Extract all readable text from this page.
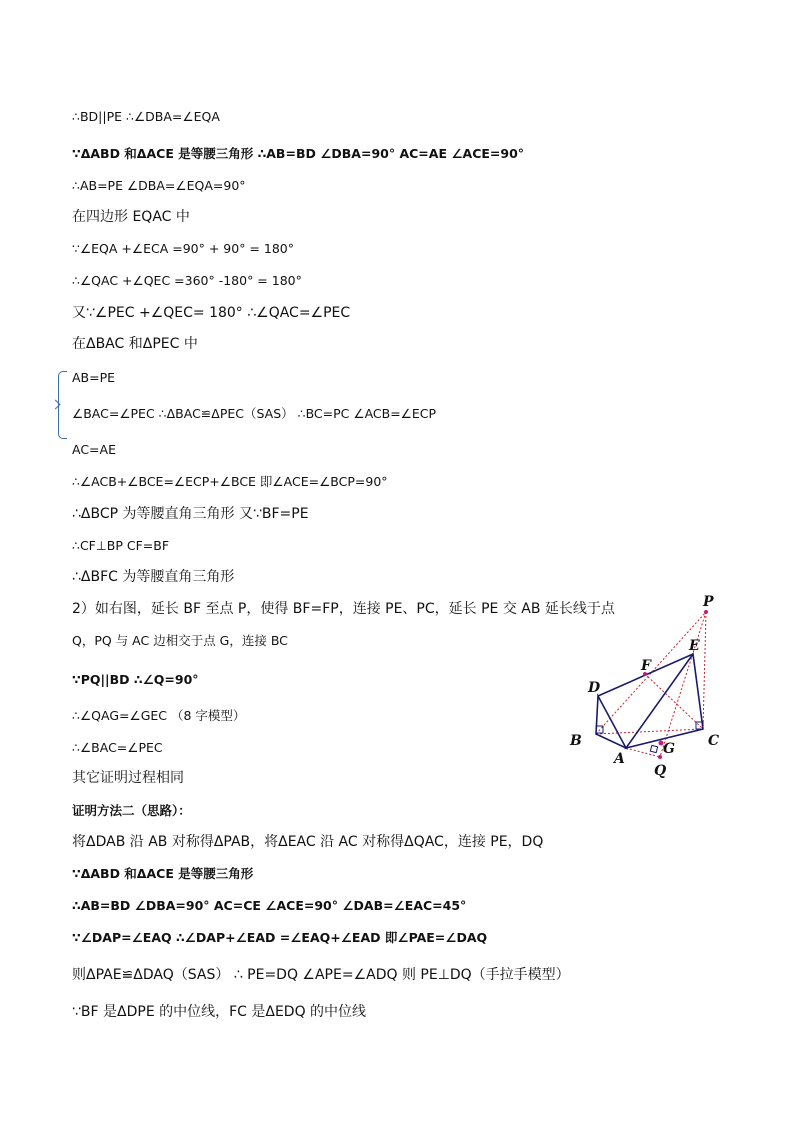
∴BD||PE ∴∠DBA=∠EQA
∵ΔABD 和ΔACE 是等腰三角形 ∴AB=BD ∠DBA=90° AC=AE ∠ACE=90°
∴AB=PE ∠DBA=∠EQA=90°
在四边形 EQAC 中
∵∠EQA +∠ECA =90° + 90° = 180°
∴∠QAC +∠QEC =360° -180° = 180°
又∵∠PEC +∠QEC= 180° ∴∠QAC=∠PEC
在ΔBAC 和ΔPEC 中
AB=PE
∠BAC=∠PEC ∴ΔBAC≌ΔPEC（SAS） ∴BC=PC ∠ACB=∠ECP
AC=AE
∴∠ACB+∠BCE=∠ECP+∠BCE 即∠ACE=∠BCP=90°
∴ΔBCP 为等腰直角三角形 又∵BF=PE
∴CF⊥BP CF=BF
∴ΔBFC 为等腰直角三角形
2）如右图，延长 BF 至点 P，使得 BF=FP，连接 PE、PC，延长 PE 交 AB 延长线于点
Q，PQ 与 AC 边相交于点 G，连接 BC
∵PQ||BD ∴∠Q=90°
∴∠QAG=∠GEC （8 字模型）
∴∠BAC=∠PEC
其它证明过程相同
证明方法二（思路）：
将ΔDAB 沿 AB 对称得ΔPAB，将ΔEAC 沿 AC 对称得ΔQAC，连接 PE，DQ
∵ΔABD 和ΔACE 是等腰三角形
∴AB=BD ∠DBA=90° AC=CE ∠ACE=90° ∠DAB=∠EAC=45°
∵∠DAP=∠EAQ ∴∠DAP+∠EAD =∠EAQ+∠EAD 即∠PAE=∠DAQ
则ΔPAE≌ΔDAQ（SAS） ∴ PE=DQ ∠APE=∠ADQ 则 PE⊥DQ（手拉手模型）
∵BF 是ΔDPE 的中位线，FC 是ΔEDQ 的中位线
P
E
F
D
B	C
A
G
Q
